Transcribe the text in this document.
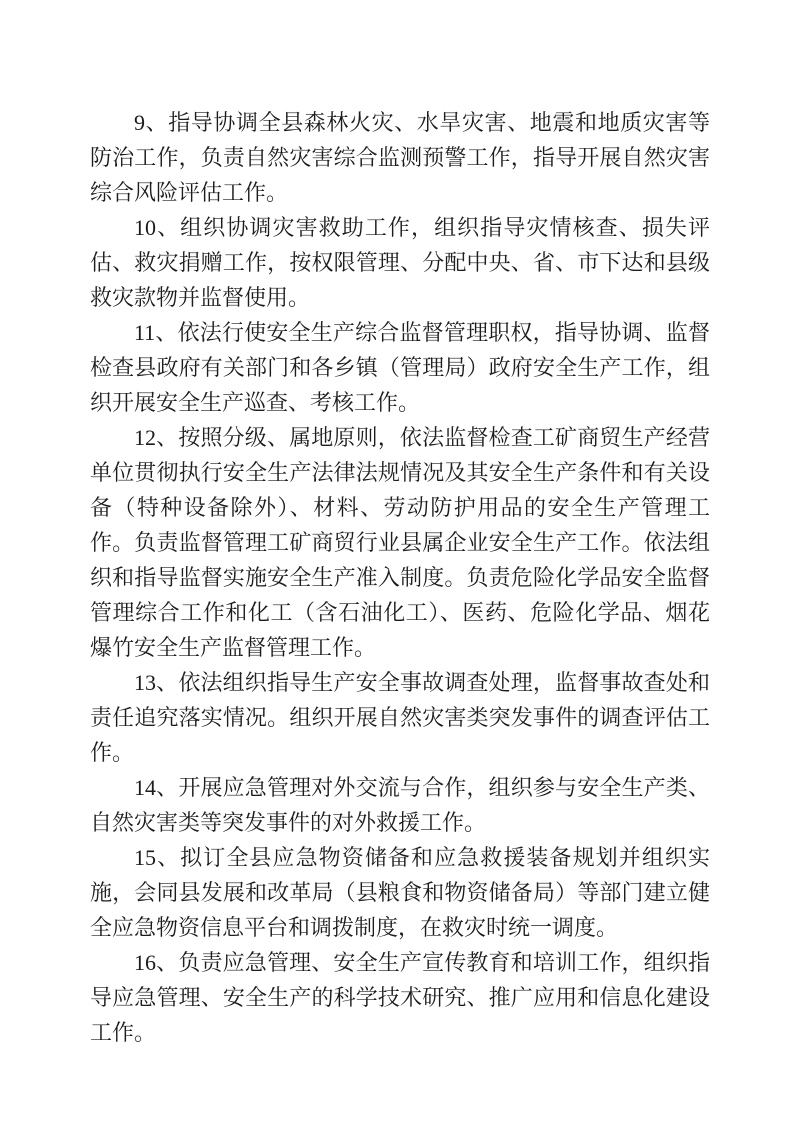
9、指导协调全县森林火灾、水旱灾害、地震和地质灾害等防治工作，负责自然灾害综合监测预警工作，指导开展自然灾害综合风险评估工作。

10、组织协调灾害救助工作，组织指导灾情核查、损失评估、救灾捐赠工作，按权限管理、分配中央、省、市下达和县级救灾款物并监督使用。

11、依法行使安全生产综合监督管理职权，指导协调、监督检查县政府有关部门和各乡镇（管理局）政府安全生产工作，组织开展安全生产巡查、考核工作。

12、按照分级、属地原则，依法监督检查工矿商贸生产经营单位贯彻执行安全生产法律法规情况及其安全生产条件和有关设备（特种设备除外）、材料、劳动防护用品的安全生产管理工作。负责监督管理工矿商贸行业县属企业安全生产工作。依法组织和指导监督实施安全生产准入制度。负责危险化学品安全监督管理综合工作和化工（含石油化工）、医药、危险化学品、烟花爆竹安全生产监督管理工作。

13、依法组织指导生产安全事故调查处理，监督事故查处和责任追究落实情况。组织开展自然灾害类突发事件的调查评估工作。

14、开展应急管理对外交流与合作，组织参与安全生产类、自然灾害类等突发事件的对外救援工作。

15、拟订全县应急物资储备和应急救援装备规划并组织实施，会同县发展和改革局（县粮食和物资储备局）等部门建立健全应急物资信息平台和调拨制度，在救灾时统一调度。

16、负责应急管理、安全生产宣传教育和培训工作，组织指导应急管理、安全生产的科学技术研究、推广应用和信息化建设工作。
